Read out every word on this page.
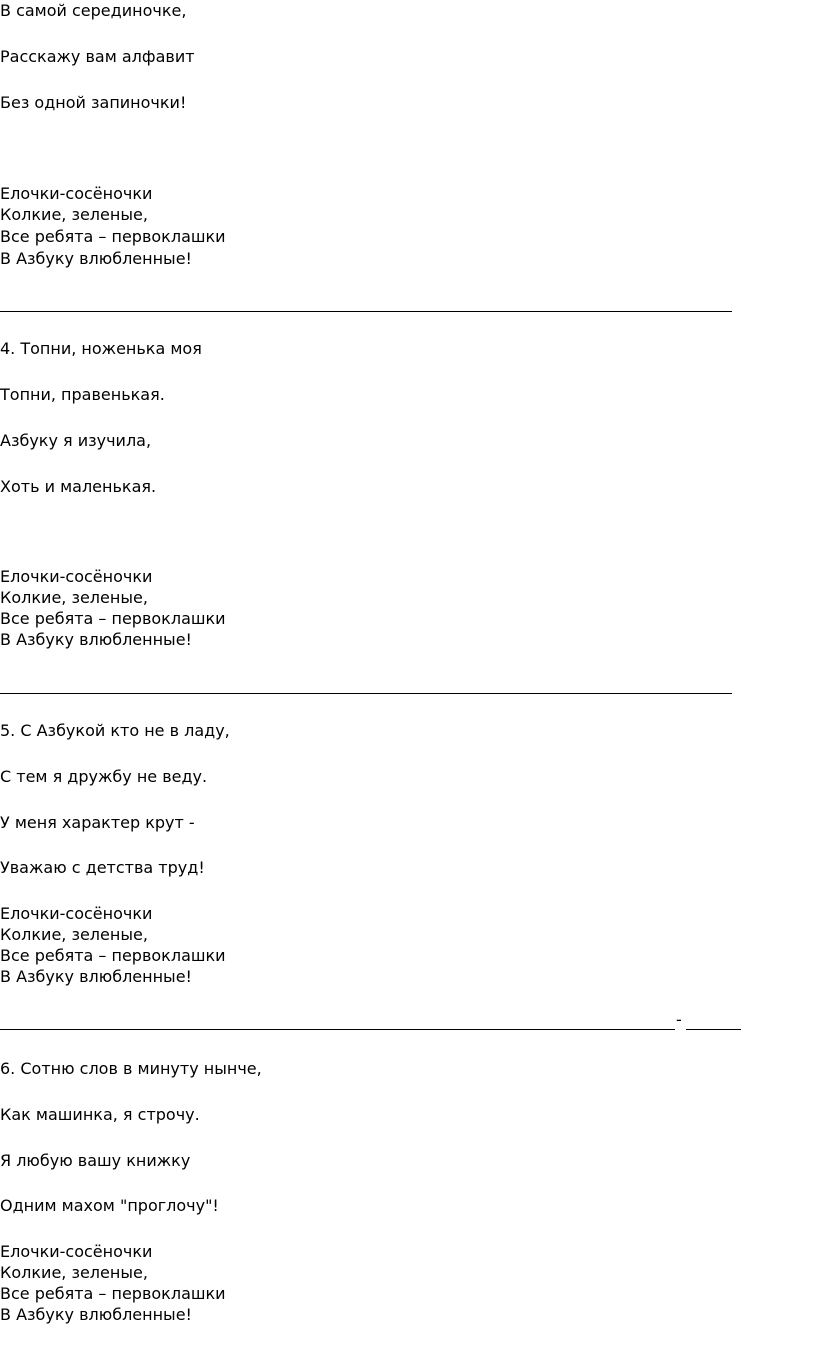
В самой серединочке,

Расскажу вам алфавит

Без одной запиночки!

Елочки-сосёночки

Колкие, зеленые,

Все ребята – первоклашки

В Азбуку влюбленные!

4. Топни, ноженька моя

Топни, правенькая.

Азбуку я изучила,

Хоть и маленькая.

Елочки-сосёночки

Колкие, зеленые,

Все ребята – первоклашки

В Азбуку влюбленные!

5. С Азбукой кто не в ладу,

С тем я дружбу не веду.

У меня характер крут -

Уважаю с детства труд!

Елочки-сосёночки

Колкие, зеленые,

Все ребята – первоклашки

В Азбуку влюбленные!

-

6. Сотню слов в минуту нынче,

Как машинка, я строчу.

Я любую вашу книжку

Одним махом "проглочу"!

Елочки-сосёночки

Колкие, зеленые,

Все ребята – первоклашки

В Азбуку влюбленные!
